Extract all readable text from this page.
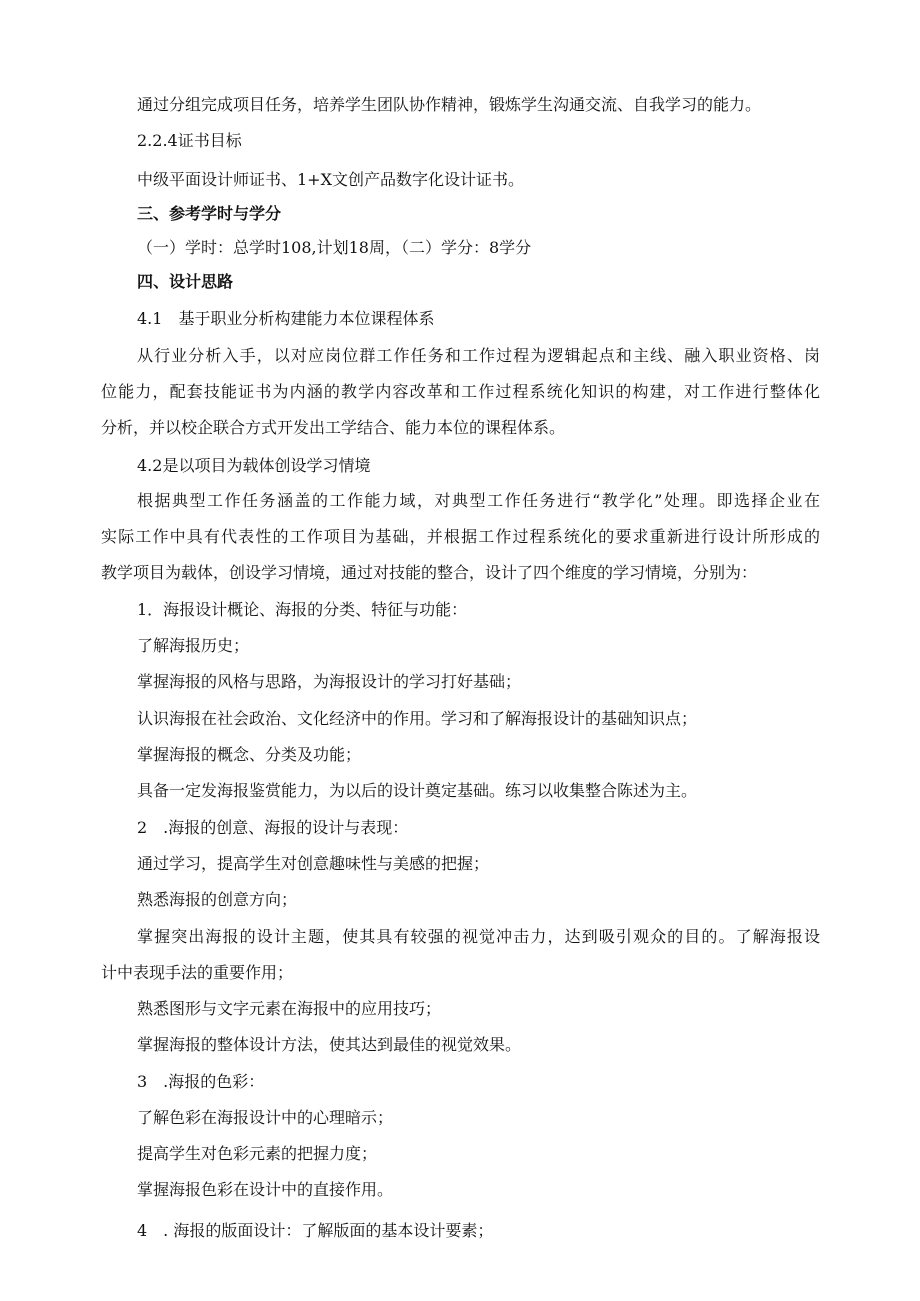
通过分组完成项目任务，培养学生团队协作精神，锻炼学生沟通交流、自我学习的能力。

2.2.4证书目标

中级平面设计师证书、1+X文创产品数字化设计证书。

三、参考学时与学分

（一）学时：总学时108,计划18周，（二）学分：8学分

四、设计思路

4.1　基于职业分析构建能力本位课程体系

从行业分析入手，以对应岗位群工作任务和工作过程为逻辑起点和主线、融入职业资格、岗

位能力，配套技能证书为内涵的教学内容改革和工作过程系统化知识的构建，对工作进行整体化

分析，并以校企联合方式开发出工学结合、能力本位的课程体系。

4.2是以项目为载体创设学习情境

根据典型工作任务涵盖的工作能力域，对典型工作任务进行“教学化”处理。即选择企业在

实际工作中具有代表性的工作项目为基础，并根据工作过程系统化的要求重新进行设计所形成的

教学项目为载体，创设学习情境，通过对技能的整合，设计了四个维度的学习情境，分别为：

1．海报设计概论、海报的分类、特征与功能：

了解海报历史；

掌握海报的风格与思路，为海报设计的学习打好基础；

认识海报在社会政治、文化经济中的作用。学习和了解海报设计的基础知识点；

掌握海报的概念、分类及功能；

具备一定发海报鉴赏能力，为以后的设计奠定基础。练习以收集整合陈述为主。

2　.海报的创意、海报的设计与表现：

通过学习，提高学生对创意趣味性与美感的把握；

熟悉海报的创意方向；

掌握突出海报的设计主题，使其具有较强的视觉冲击力，达到吸引观众的目的。了解海报设

计中表现手法的重要作用；

熟悉图形与文字元素在海报中的应用技巧；

掌握海报的整体设计方法，使其达到最佳的视觉效果。

3　.海报的色彩：

了解色彩在海报设计中的心理暗示；

提高学生对色彩元素的把握力度；

掌握海报色彩在设计中的直接作用。

4　. 海报的版面设计：了解版面的基本设计要素；
